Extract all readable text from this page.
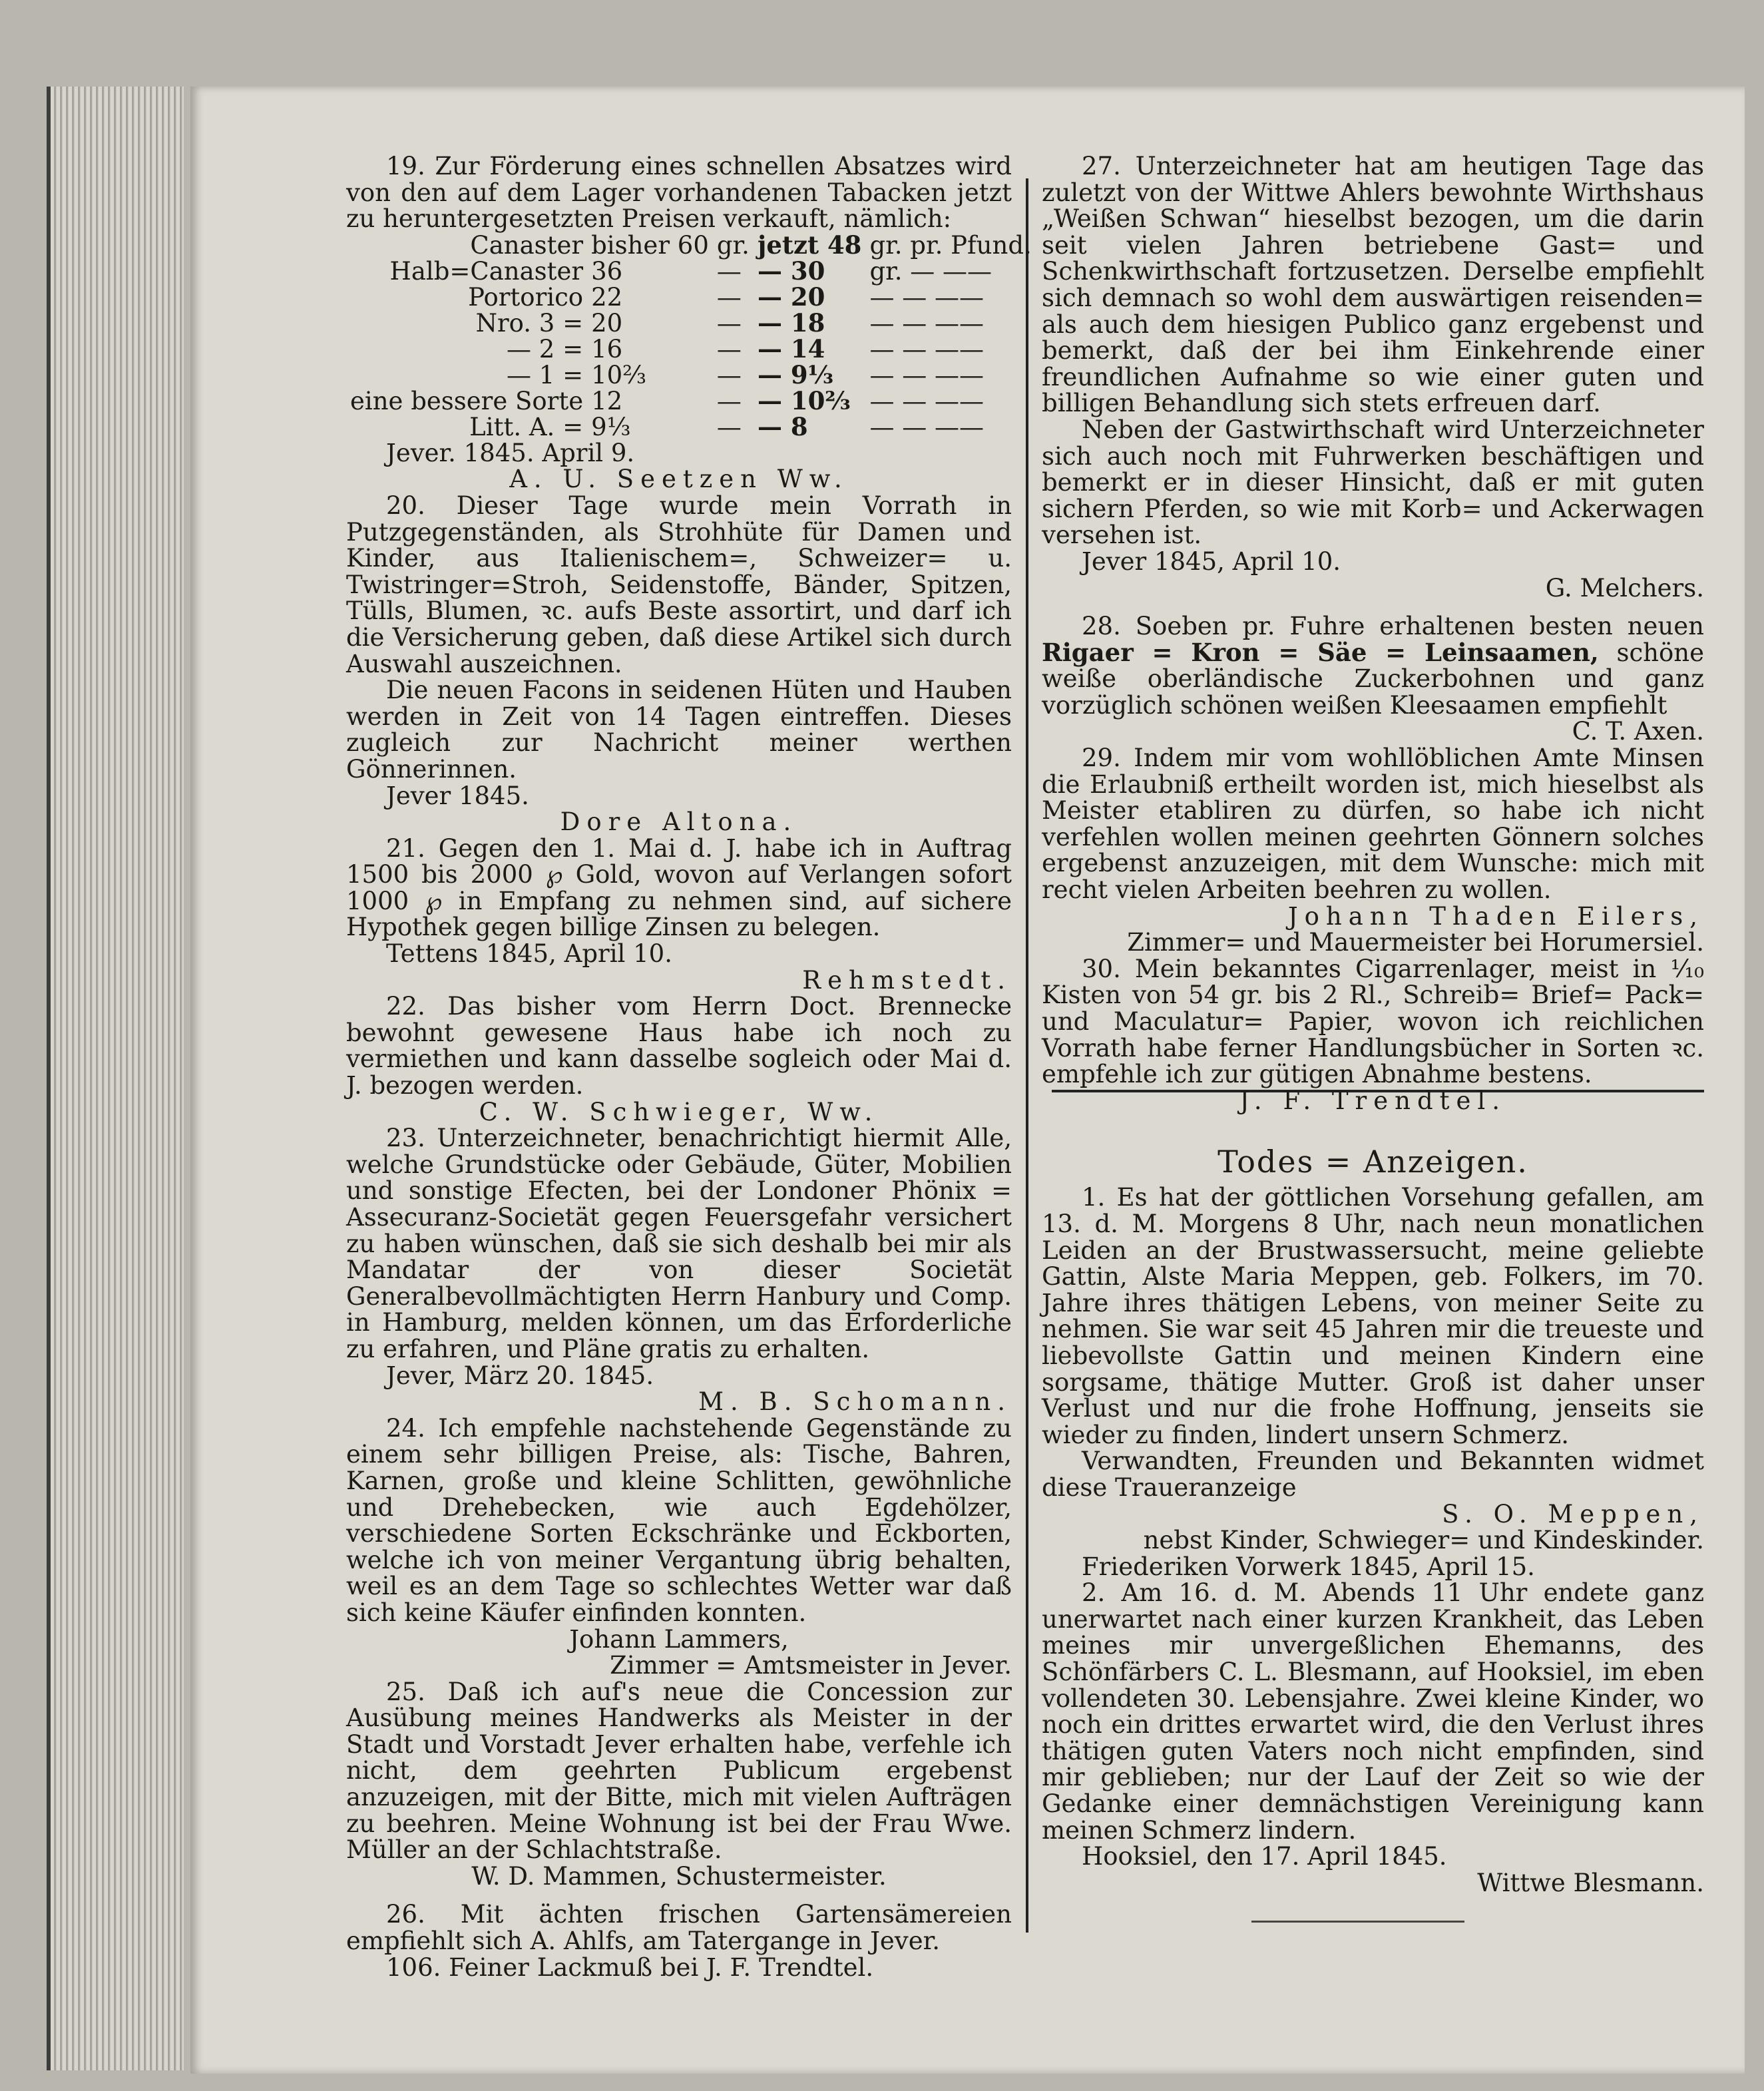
19. Zur Förderung eines schnellen Absatzes wird von den auf dem Lager vorhandenen Tabacken jetzt zu heruntergesetzten Preisen verkauft, nämlich:

Canaster	bisher 60	gr.	jetzt 48	gr. pr. Pfund.
Halb=Canaster	36	—	— 30	gr. — ——
Portorico	22	—	— 20	— — ——
Nro. 3 =	20	—	— 18	— — ——
— 2 =	16	—	— 14	— — ——
— 1 =	10⅔	—	— 9⅓	— — ——
eine bessere Sorte	12	—	— 10⅔	— — ——
Litt. A. =	9⅓	—	— 8	— — ——

Jever. 1845. April 9.

A. U. Seetzen Ww.

20. Dieser Tage wurde mein Vorrath in Putzgegenständen, als Strohhüte für Damen und Kinder, aus Italienischem=, Schweizer= u. Twistringer=Stroh, Seidenstoffe, Bänder, Spitzen, Tülls, Blumen, ꝛc. aufs Beste assortirt, und darf ich die Versicherung geben, daß diese Artikel sich durch Auswahl auszeichnen.

Die neuen Facons in seidenen Hüten und Hauben werden in Zeit von 14 Tagen eintreffen. Dieses zugleich zur Nachricht meiner werthen Gönnerinnen.

Jever 1845.

Dore Altona.

21. Gegen den 1. Mai d. J. habe ich in Auftrag 1500 bis 2000 ℘ Gold, wovon auf Verlangen sofort 1000 ℘ in Empfang zu nehmen sind, auf sichere Hypothek gegen billige Zinsen zu belegen.

Tettens 1845, April 10.

Rehmstedt.

22. Das bisher vom Herrn Doct. Brennecke bewohnt gewesene Haus habe ich noch zu vermiethen und kann dasselbe sogleich oder Mai d. J. bezogen werden.

C. W. Schwieger, Ww.

23. Unterzeichneter, benachrichtigt hiermit Alle, welche Grundstücke oder Gebäude, Güter, Mobilien und sonstige Efecten, bei der Londoner Phönix = Assecuranz-Societät gegen Feuersgefahr versichert zu haben wünschen, daß sie sich deshalb bei mir als Mandatar der von dieser Societät Generalbevollmächtigten Herrn Hanbury und Comp. in Hamburg, melden können, um das Erforderliche zu erfahren, und Pläne gratis zu erhalten.

Jever, März 20. 1845.

M. B. Schomann.

24. Ich empfehle nachstehende Gegenstände zu einem sehr billigen Preise, als: Tische, Bahren, Karnen, große und kleine Schlitten, gewöhnliche und Drehebecken, wie auch Egdehölzer, verschiedene Sorten Eckschränke und Eckborten, welche ich von meiner Vergantung übrig behalten, weil es an dem Tage so schlechtes Wetter war daß sich keine Käufer einfinden konnten.

Johann Lammers,

Zimmer = Amtsmeister in Jever.

25. Daß ich auf's neue die Concession zur Ausübung meines Handwerks als Meister in der Stadt und Vorstadt Jever erhalten habe, verfehle ich nicht, dem geehrten Publicum ergebenst anzuzeigen, mit der Bitte, mich mit vielen Aufträgen zu beehren. Meine Wohnung ist bei der Frau Wwe. Müller an der Schlachtstraße.

W. D. Mammen, Schustermeister.

26. Mit ächten frischen Gartensämereien empfiehlt sich A. Ahlfs, am Tatergange in Jever.

106. Feiner Lackmuß bei J. F. Trendtel.

27. Unterzeichneter hat am heutigen Tage das zuletzt von der Wittwe Ahlers bewohnte Wirthshaus „Weißen Schwan“ hieselbst bezogen, um die darin seit vielen Jahren betriebene Gast= und Schenkwirthschaft fortzusetzen. Derselbe empfiehlt sich demnach so wohl dem auswärtigen reisenden= als auch dem hiesigen Publico ganz ergebenst und bemerkt, daß der bei ihm Einkehrende einer freundlichen Aufnahme so wie einer guten und billigen Behandlung sich stets erfreuen darf.

Neben der Gastwirthschaft wird Unterzeichneter sich auch noch mit Fuhrwerken beschäftigen und bemerkt er in dieser Hinsicht, daß er mit guten sichern Pferden, so wie mit Korb= und Ackerwagen versehen ist.

Jever 1845, April 10.

G. Melchers.

28. Soeben pr. Fuhre erhaltenen besten neuen Rigaer = Kron = Säe = Leinsaamen, schöne weiße oberländische Zuckerbohnen und ganz vorzüglich schönen weißen Kleesaamen empfiehlt

C. T. Axen.

29. Indem mir vom wohllöblichen Amte Minsen die Erlaubniß ertheilt worden ist, mich hieselbst als Meister etabliren zu dürfen, so habe ich nicht verfehlen wollen meinen geehrten Gönnern solches ergebenst anzuzeigen, mit dem Wunsche: mich mit recht vielen Arbeiten beehren zu wollen.

Johann Thaden Eilers,

Zimmer= und Mauermeister bei Horumersiel.

30. Mein bekanntes Cigarrenlager, meist in ¹⁄₁₀ Kisten von 54 gr. bis 2 Rl., Schreib= Brief= Pack= und Maculatur= Papier, wovon ich reichlichen Vorrath habe ferner Handlungsbücher in Sorten ꝛc. empfehle ich zur gütigen Abnahme bestens.

J. F. Trendtel.

Todes = Anzeigen.

1. Es hat der göttlichen Vorsehung gefallen, am 13. d. M. Morgens 8 Uhr, nach neun monatlichen Leiden an der Brustwassersucht, meine geliebte Gattin, Alste Maria Meppen, geb. Folkers, im 70. Jahre ihres thätigen Lebens, von meiner Seite zu nehmen. Sie war seit 45 Jahren mir die treueste und liebevollste Gattin und meinen Kindern eine sorgsame, thätige Mutter. Groß ist daher unser Verlust und nur die frohe Hoffnung, jenseits sie wieder zu finden, lindert unsern Schmerz.

Verwandten, Freunden und Bekannten widmet diese Traueranzeige

S. O. Meppen,

nebst Kinder, Schwieger= und Kindeskinder.

Friederiken Vorwerk 1845, April 15.

2. Am 16. d. M. Abends 11 Uhr endete ganz unerwartet nach einer kurzen Krankheit, das Leben meines mir unvergeßlichen Ehemanns, des Schönfärbers C. L. Blesmann, auf Hooksiel, im eben vollendeten 30. Lebensjahre. Zwei kleine Kinder, wo noch ein drittes erwartet wird, die den Verlust ihres thätigen guten Vaters noch nicht empfinden, sind mir geblieben; nur der Lauf der Zeit so wie der Gedanke einer demnächstigen Vereinigung kann meinen Schmerz lindern.

Hooksiel, den 17. April 1845.

Wittwe Blesmann.
